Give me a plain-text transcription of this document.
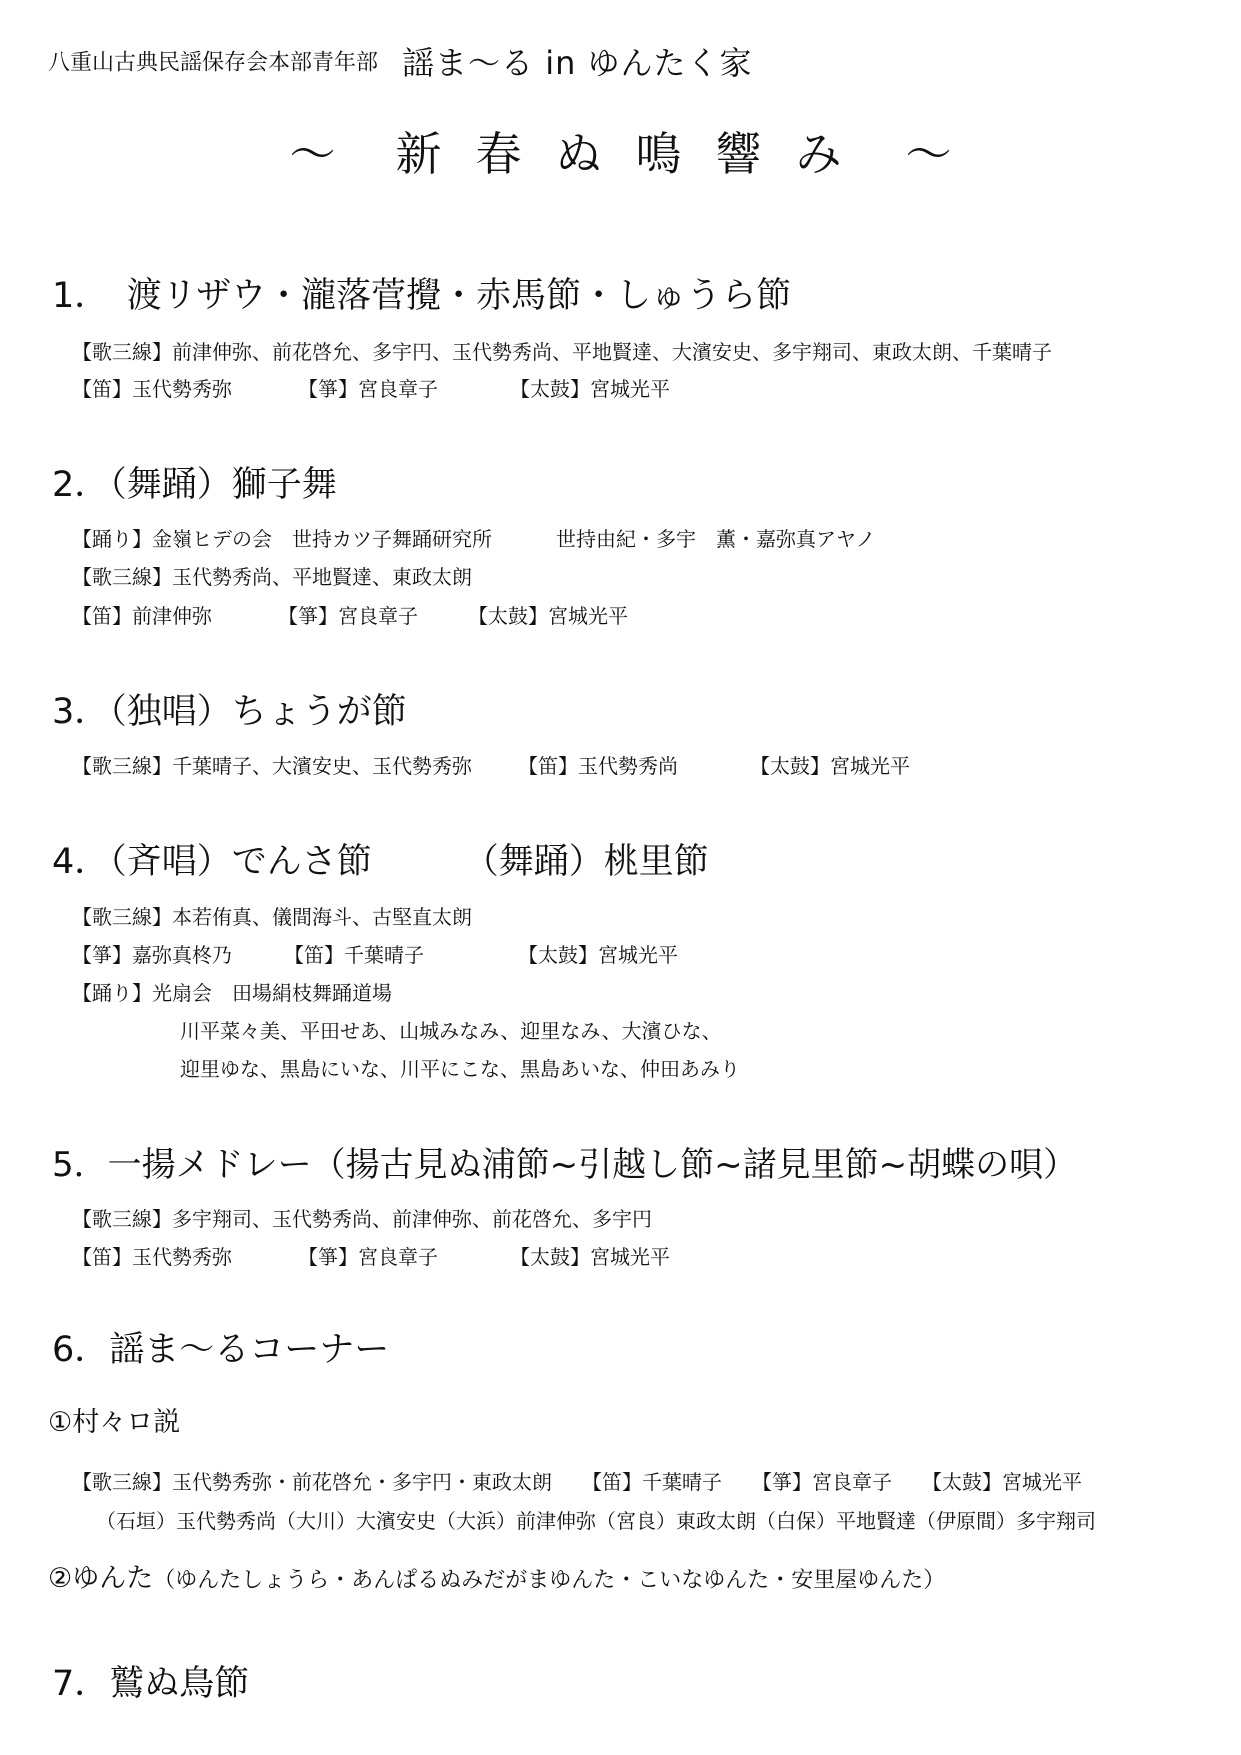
八重山古典民謡保存会本部青年部 謡ま～る in ゆんたく家
～ 新春ぬ鳴響み ～
1．　渡リザウ・瀧落菅攪・赤馬節・しゅうら節
【歌三線】前津伸弥、前花啓允、多宇円、玉代勢秀尚、平地賢達、大濱安史、多宇翔司、東政太朗、千葉晴子
【笛】玉代勢秀弥	【箏】宮良章子	【太鼓】宮城光平
2．（舞踊）獅子舞
【踊り】金嶺ヒデの会　世持カツ子舞踊研究所	世持由紀・多宇　薫・嘉弥真アヤノ
【歌三線】玉代勢秀尚、平地賢達、東政太朗
【笛】前津伸弥	【箏】宮良章子	【太鼓】宮城光平
3．（独唱）ちょうが節
【歌三線】千葉晴子、大濱安史、玉代勢秀弥 【笛】玉代勢秀尚	【太鼓】宮城光平
4．（斉唱）でんさ節	（舞踊）桃里節
【歌三線】本若侑真、儀間海斗、古堅直太朗
【箏】嘉弥真柊乃	【笛】千葉晴子	【太鼓】宮城光平
【踊り】光扇会　田場絹枝舞踊道場
川平菜々美、平田せあ、山城みなみ、迎里なみ、大濱ひな、
迎里ゆな、黒島にいな、川平にこな、黒島あいな、仲田あみり
5．一揚メドレー（揚古見ぬ浦節~引越し節~諸見里節~胡蝶の唄）
【歌三線】多宇翔司、玉代勢秀尚、前津伸弥、前花啓允、多宇円
【笛】玉代勢秀弥	【箏】宮良章子	【太鼓】宮城光平
6．謡ま～るコーナー
①村々ロ説
【歌三線】玉代勢秀弥・前花啓允・多宇円・東政太朗 【笛】千葉晴子 【箏】宮良章子 【太鼓】宮城光平
（石垣）玉代勢秀尚（大川）大濱安史（大浜）前津伸弥（宮良）東政太朗（白保）平地賢達（伊原間）多宇翔司
②ゆんた（ゆんたしょうら・あんぱるぬみだがまゆんた・こいなゆんた・安里屋ゆんた）
7．鷲ぬ鳥節
